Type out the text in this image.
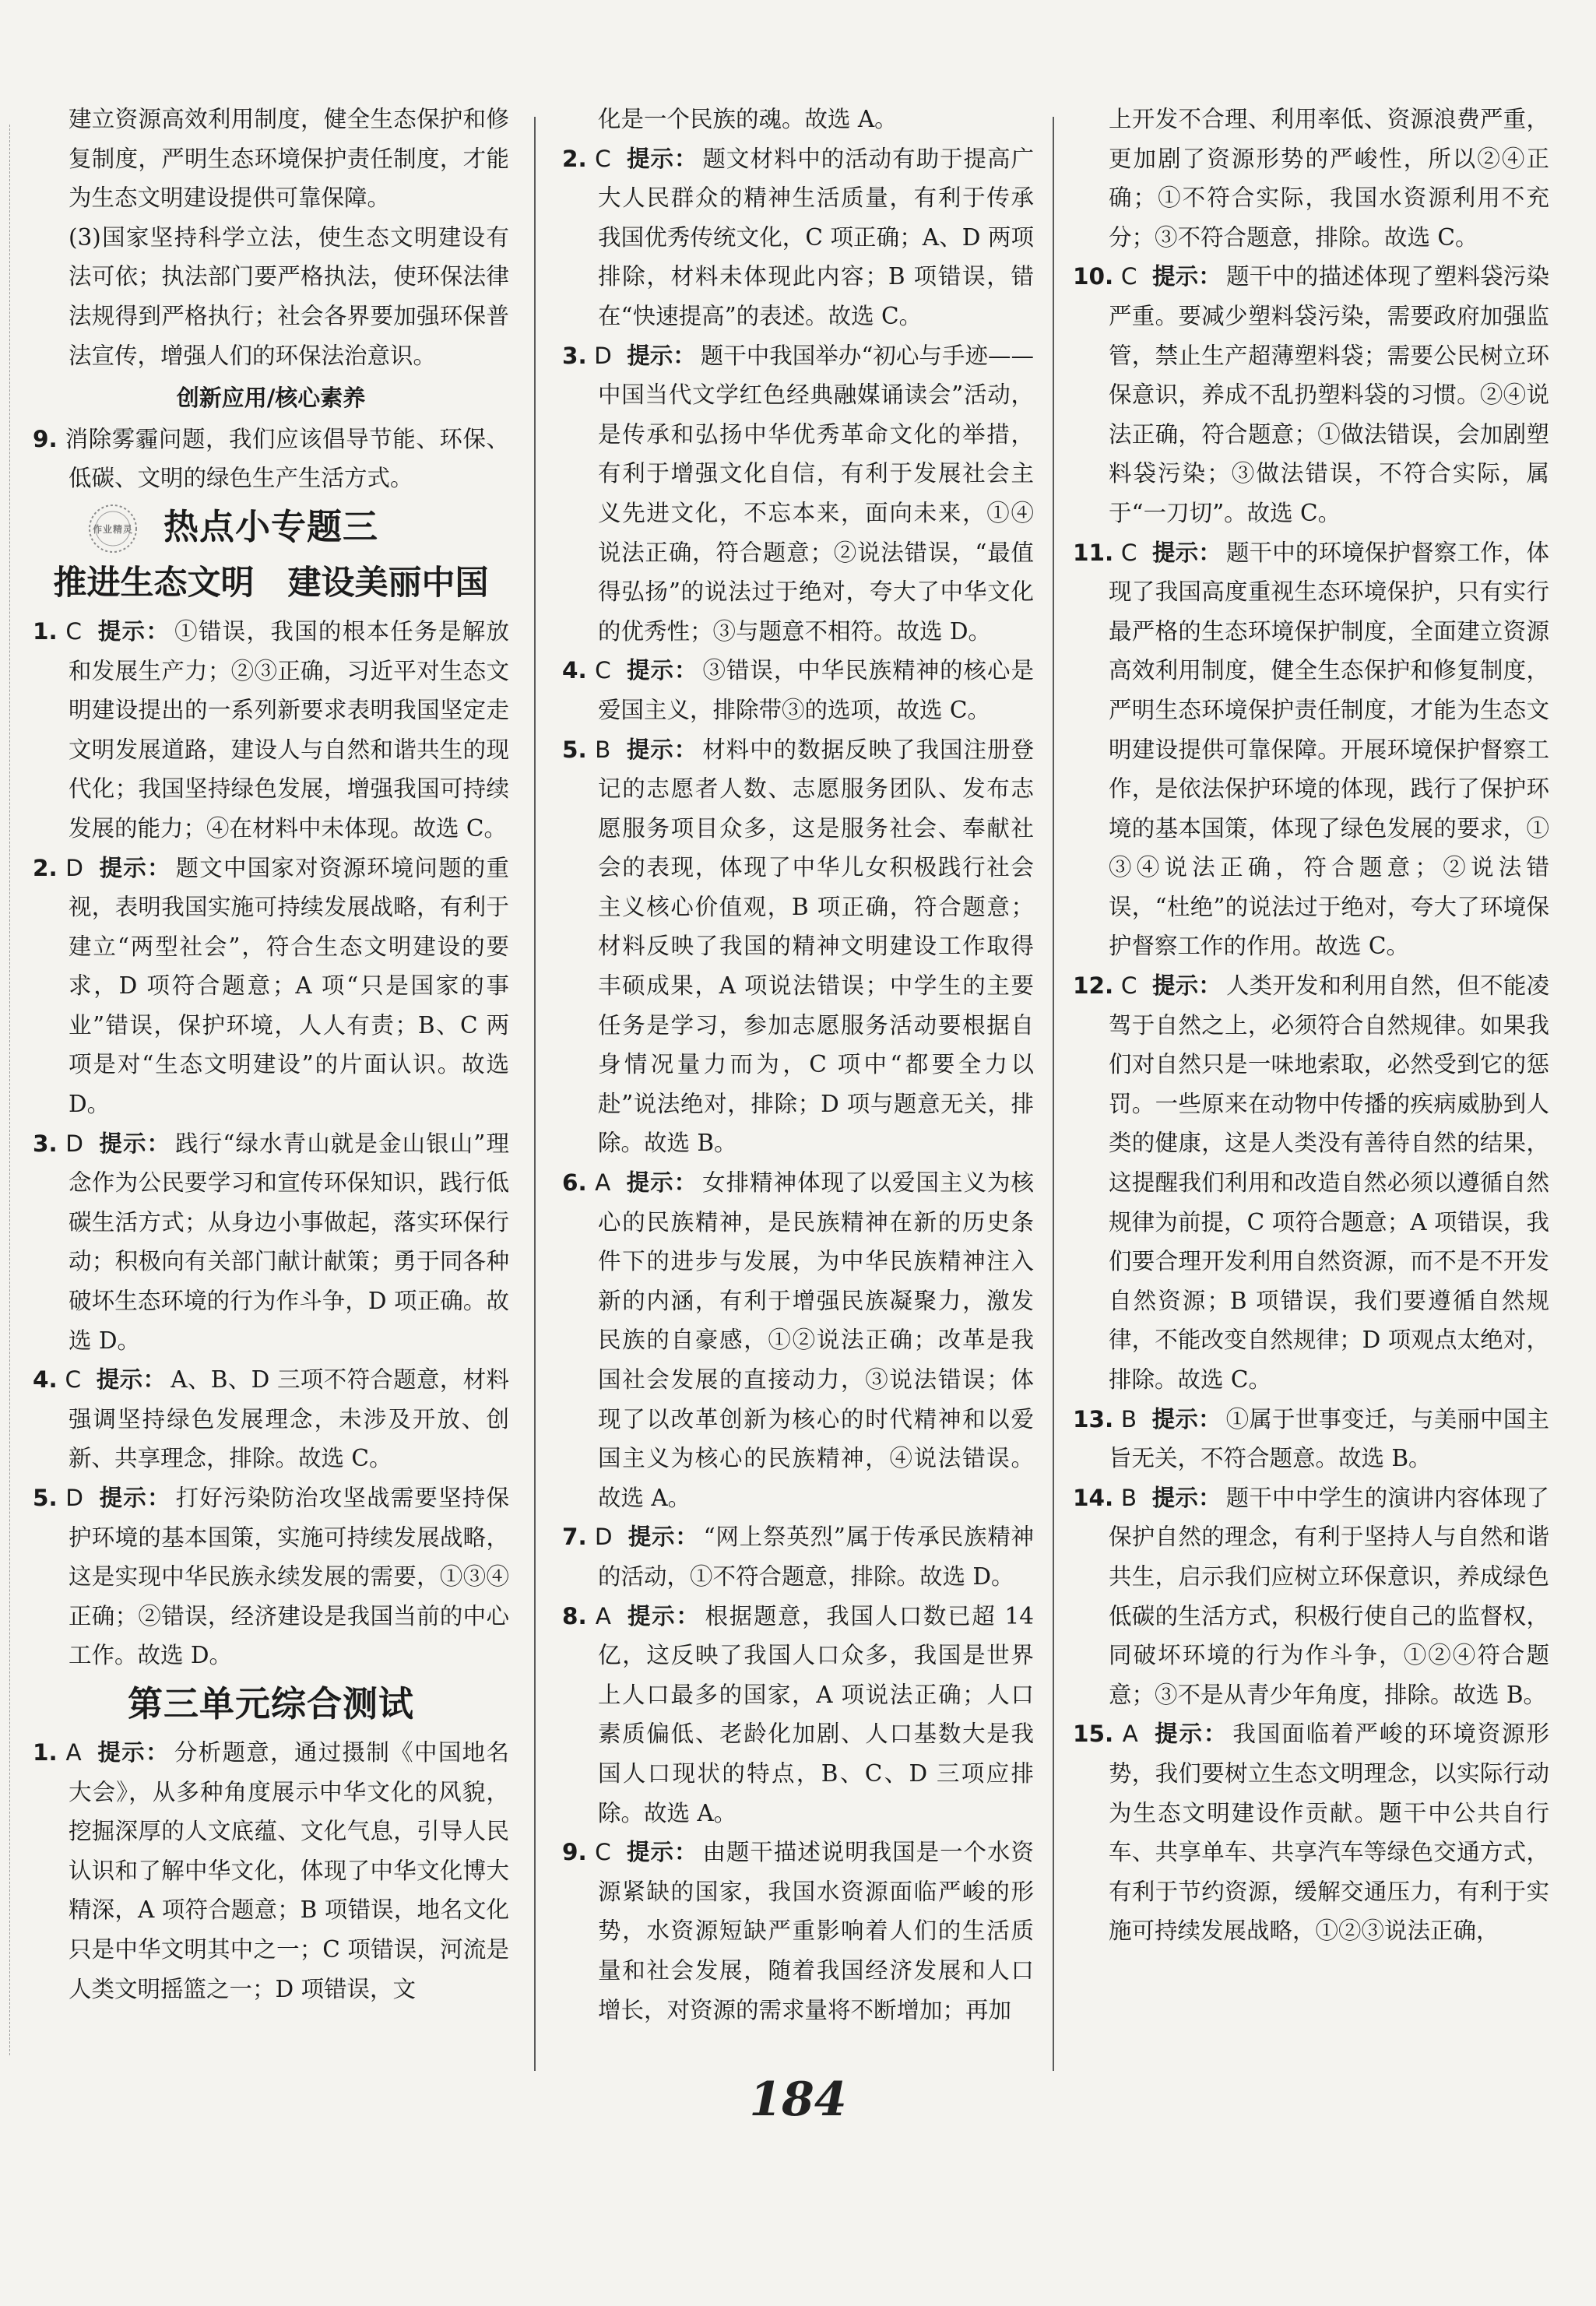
建立资源高效利用制度，健全生态保护和修复制度，严明生态环境保护责任制度，才能为生态文明建设提供可靠保障。

(3)国家坚持科学立法，使生态文明建设有法可依；执法部门要严格执法，使环保法律法规得到严格执行；社会各界要加强环保普法宣传，增强人们的环保法治意识。

创新应用/核心素养

9. 消除雾霾问题，我们应该倡导节能、环保、低碳、文明的绿色生产生活方式。

作业精灵 热点小专题三
推进生态文明　建设美丽中国

1. C 提示： ①错误，我国的根本任务是解放和发展生产力；②③正确，习近平对生态文明建设提出的一系列新要求表明我国坚定走文明发展道路，建设人与自然和谐共生的现代化；我国坚持绿色发展，增强我国可持续发展的能力；④在材料中未体现。故选 C。

2. D 提示： 题文中国家对资源环境问题的重视，表明我国实施可持续发展战略，有利于建立“两型社会”，符合生态文明建设的要求，D 项符合题意；A 项“只是国家的事业”错误，保护环境，人人有责；B、C 两项是对“生态文明建设”的片面认识。故选 D。

3. D 提示： 践行“绿水青山就是金山银山”理念作为公民要学习和宣传环保知识，践行低碳生活方式；从身边小事做起，落实环保行动；积极向有关部门献计献策；勇于同各种破坏生态环境的行为作斗争，D 项正确。故选 D。

4. C 提示： A、B、D 三项不符合题意，材料强调坚持绿色发展理念，未涉及开放、创新、共享理念，排除。故选 C。

5. D 提示： 打好污染防治攻坚战需要坚持保护环境的基本国策，实施可持续发展战略，这是实现中华民族永续发展的需要，①③④正确；②错误，经济建设是我国当前的中心工作。故选 D。

第三单元综合测试

1. A 提示： 分析题意，通过摄制《中国地名大会》，从多种角度展示中华文化的风貌，挖掘深厚的人文底蕴、文化气息，引导人民认识和了解中华文化，体现了中华文化博大精深，A 项符合题意；B 项错误，地名文化只是中华文明其中之一；C 项错误，河流是人类文明摇篮之一；D 项错误，文

化是一个民族的魂。故选 A。

2. C 提示： 题文材料中的活动有助于提高广大人民群众的精神生活质量，有利于传承我国优秀传统文化，C 项正确；A、D 两项排除，材料未体现此内容；B 项错误，错在“快速提高”的表述。故选 C。

3. D 提示： 题干中我国举办“初心与手迹——中国当代文学红色经典融媒诵读会”活动，是传承和弘扬中华优秀革命文化的举措，有利于增强文化自信，有利于发展社会主义先进文化，不忘本来，面向未来，①④说法正确，符合题意；②说法错误，“最值得弘扬”的说法过于绝对，夸大了中华文化的优秀性；③与题意不相符。故选 D。

4. C 提示： ③错误，中华民族精神的核心是爱国主义，排除带③的选项，故选 C。

5. B 提示： 材料中的数据反映了我国注册登记的志愿者人数、志愿服务团队、发布志愿服务项目众多，这是服务社会、奉献社会的表现，体现了中华儿女积极践行社会主义核心价值观，B 项正确，符合题意；材料反映了我国的精神文明建设工作取得丰硕成果，A 项说法错误；中学生的主要任务是学习，参加志愿服务活动要根据自身情况量力而为，C 项中“都要全力以赴”说法绝对，排除；D 项与题意无关，排除。故选 B。

6. A 提示： 女排精神体现了以爱国主义为核心的民族精神，是民族精神在新的历史条件下的进步与发展，为中华民族精神注入新的内涵，有利于增强民族凝聚力，激发民族的自豪感，①②说法正确；改革是我国社会发展的直接动力，③说法错误；体现了以改革创新为核心的时代精神和以爱国主义为核心的民族精神，④说法错误。故选 A。

7. D 提示： “网上祭英烈”属于传承民族精神的活动，①不符合题意，排除。故选 D。

8. A 提示： 根据题意，我国人口数已超 14 亿，这反映了我国人口众多，我国是世界上人口最多的国家，A 项说法正确；人口素质偏低、老龄化加剧、人口基数大是我国人口现状的特点，B、C、D 三项应排除。故选 A。

9. C 提示： 由题干描述说明我国是一个水资源紧缺的国家，我国水资源面临严峻的形势，水资源短缺严重影响着人们的生活质量和社会发展，随着我国经济发展和人口增长，对资源的需求量将不断增加；再加

上开发不合理、利用率低、资源浪费严重，更加剧了资源形势的严峻性，所以②④正确；①不符合实际，我国水资源利用不充分；③不符合题意，排除。故选 C。

10. C 提示： 题干中的描述体现了塑料袋污染严重。要减少塑料袋污染，需要政府加强监管，禁止生产超薄塑料袋；需要公民树立环保意识，养成不乱扔塑料袋的习惯。②④说法正确，符合题意；①做法错误，会加剧塑料袋污染；③做法错误，不符合实际，属于“一刀切”。故选 C。

11. C 提示： 题干中的环境保护督察工作，体现了我国高度重视生态环境保护，只有实行最严格的生态环境保护制度，全面建立资源高效利用制度，健全生态保护和修复制度，严明生态环境保护责任制度，才能为生态文明建设提供可靠保障。开展环境保护督察工作，是依法保护环境的体现，践行了保护环境的基本国策，体现了绿色发展的要求，①③④说法正确，符合题意；②说法错误，“杜绝”的说法过于绝对，夸大了环境保护督察工作的作用。故选 C。

12. C 提示： 人类开发和利用自然，但不能凌驾于自然之上，必须符合自然规律。如果我们对自然只是一味地索取，必然受到它的惩罚。一些原来在动物中传播的疾病威胁到人类的健康，这是人类没有善待自然的结果，这提醒我们利用和改造自然必须以遵循自然规律为前提，C 项符合题意；A 项错误，我们要合理开发利用自然资源，而不是不开发自然资源；B 项错误，我们要遵循自然规律，不能改变自然规律；D 项观点太绝对，排除。故选 C。

13. B 提示： ①属于世事变迁，与美丽中国主旨无关，不符合题意。故选 B。

14. B 提示： 题干中中学生的演讲内容体现了保护自然的理念，有利于坚持人与自然和谐共生，启示我们应树立环保意识，养成绿色低碳的生活方式，积极行使自己的监督权，同破坏环境的行为作斗争，①②④符合题意；③不是从青少年角度，排除。故选 B。

15. A 提示： 我国面临着严峻的环境资源形势，我们要树立生态文明理念，以实际行动为生态文明建设作贡献。题干中公共自行车、共享单车、共享汽车等绿色交通方式，有利于节约资源，缓解交通压力，有利于实施可持续发展战略，①②③说法正确，

184
